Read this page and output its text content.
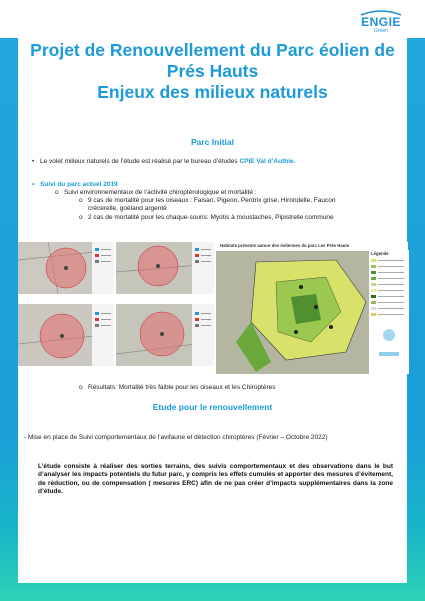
ENGIE
Green
Projet de Renouvellement du Parc éolien de
Prés Hauts
Enjeux des milieux naturels
Parc Initial
• Le volet milieux naturels de l’étude est réalisé par le bureau d’études CPIE Val d’Authie.
• Suivi du parc actuel 2019
o Suivi environnementaux de l’activité chiroptérologique et mortalité :
o 9 cas de mortalité pour les oiseaux : Faisan, Pigeon, Perdrix grise, Hirondelle, Faucon
crécerelle, goéland argenté
o 2 cas de mortalité pour les chaque-souris: Myotis à moustaches, Pipistrelle commune
Habitats présents autour des éoliennes du parc Les Prés Hauts
Légende
o Résultats: Mortalité très faible pour les oiseaux et les Chiroptères
Etude pour le renouvellement
- Mise en place de Suivi comportementaux de l’avifaune et détection chiroptères (Février – Octobre 2022)
L’étude consiste à réaliser des sorties terrains, des suivis comportementaux et des observations dans le but d’analyser les impacts potentiels du futur parc, y compris les effets cumulés et apporter des mesures d’évitement, de réduction, ou de compensation ( mesures ERC) afin de ne pas créer d’impacts supplémentaires dans la zone d’étude.
